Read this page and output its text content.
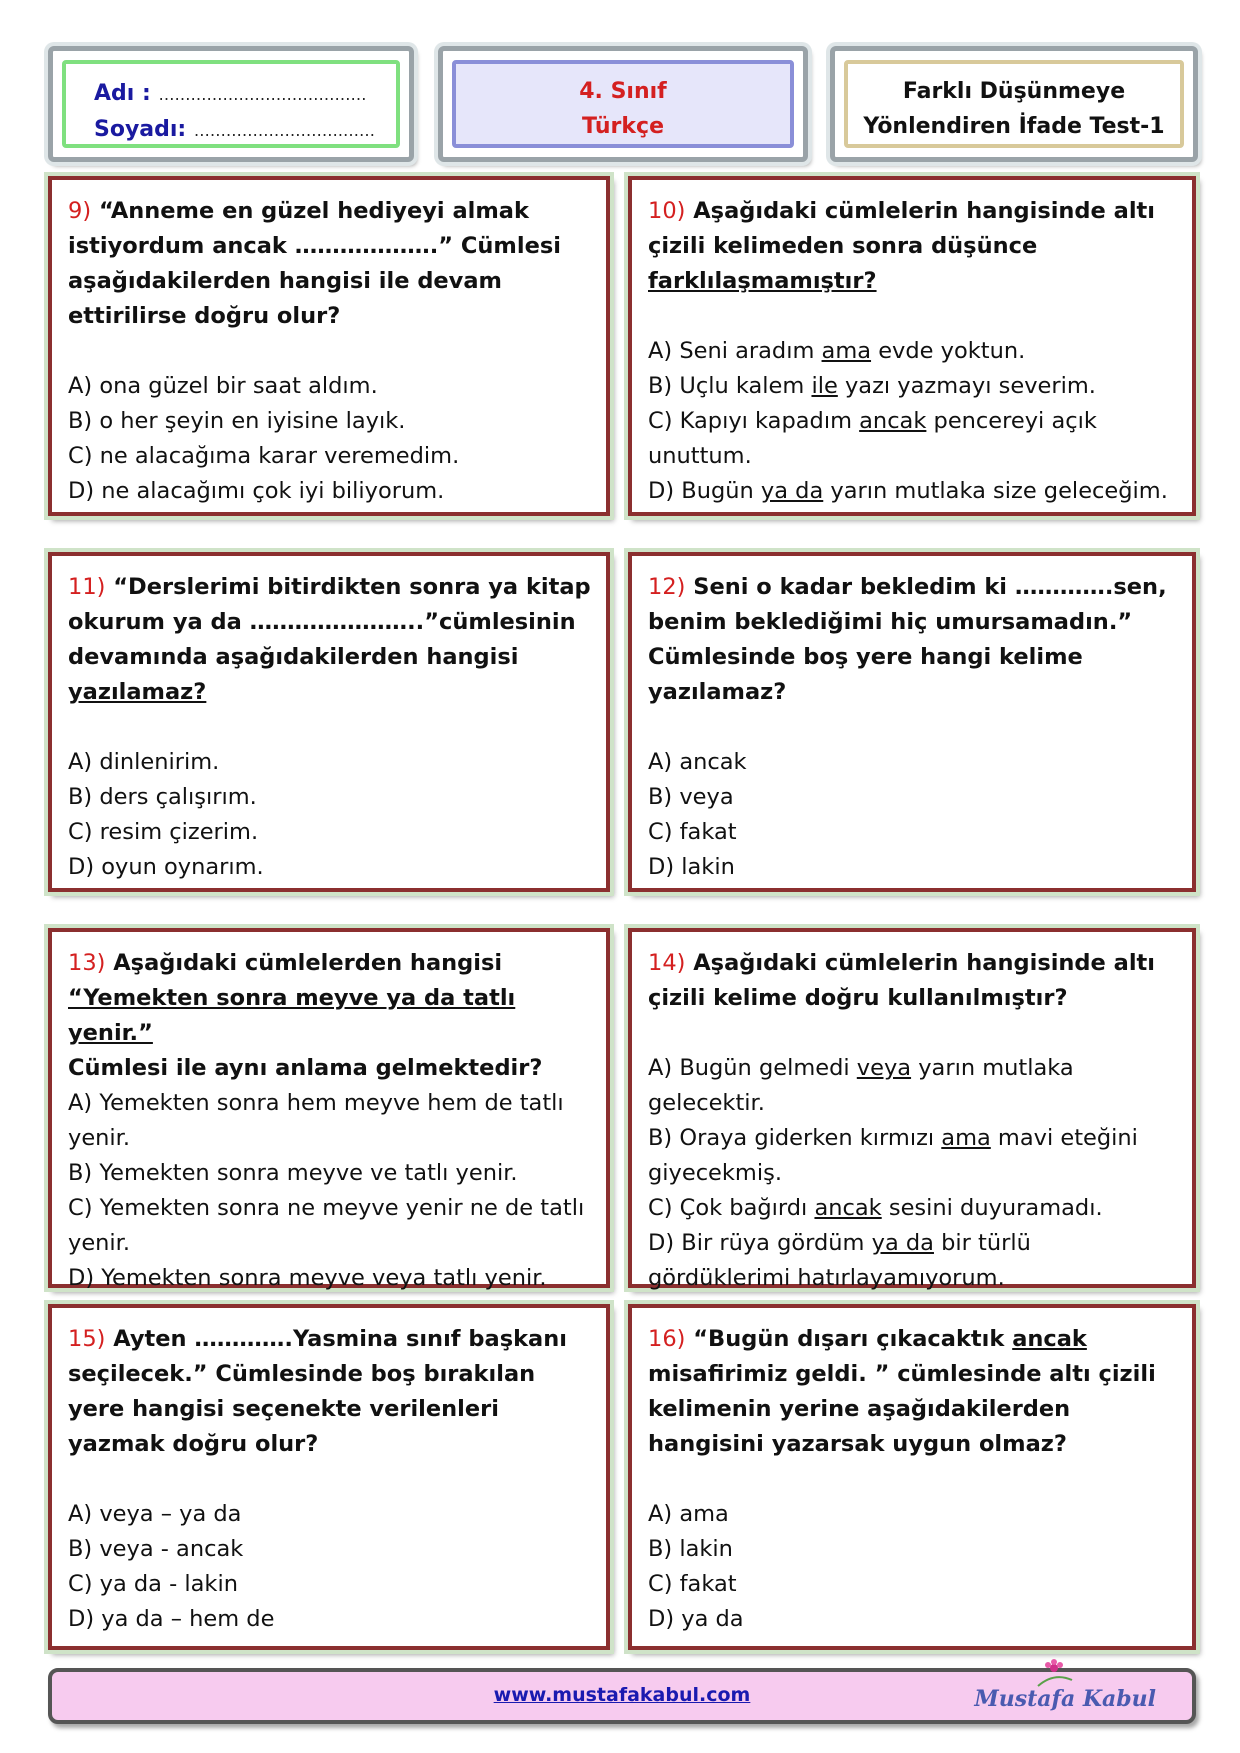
Adı : …………………………………
Soyadı: ……………………….……
4. Sınıf
Türkçe
Farklı Düşünmeye
Yönlendiren İfade Test-1
9) “Anneme en güzel hediyeyi almak istiyordum ancak ……………….” Cümlesi aşağıdakilerden hangisi ile devam ettirilirse doğru olur?
A) ona güzel bir saat aldım.
B) o her şeyin en iyisine layık.
C) ne alacağıma karar veremedim.
D) ne alacağımı çok iyi biliyorum.
10) Aşağıdaki cümlelerin hangisinde altı çizili kelimeden sonra düşünce farklılaşmamıştır?
A) Seni aradım ama evde yoktun.
B) Uçlu kalem ile yazı yazmayı severim.
C) Kapıyı kapadım ancak pencereyi açık unuttum.
D) Bugün ya da yarın mutlaka size geleceğim.
11) “Derslerimi bitirdikten sonra ya kitap okurum ya da …………………..”cümlesinin devamında aşağıdakilerden hangisi yazılamaz?
A) dinlenirim.
B) ders çalışırım.
C) resim çizerim.
D) oyun oynarım.
12) Seni o kadar bekledim ki ………….sen, benim beklediğimi hiç umursamadın.” Cümlesinde boş yere hangi kelime yazılamaz?
A) ancak
B) veya
C) fakat
D) lakin
13) Aşağıdaki cümlelerden hangisi
“Yemekten sonra meyve ya da tatlı yenir.”
Cümlesi ile aynı anlama gelmektedir?
A) Yemekten sonra hem meyve hem de tatlı yenir.
B) Yemekten sonra meyve ve tatlı yenir.
C) Yemekten sonra ne meyve yenir ne de tatlı yenir.
D) Yemekten sonra meyve veya tatlı yenir.
14) Aşağıdaki cümlelerin hangisinde altı çizili kelime doğru kullanılmıştır?
A) Bugün gelmedi veya yarın mutlaka gelecektir.
B) Oraya giderken kırmızı ama mavi eteğini giyecekmiş.
C) Çok bağırdı ancak sesini duyuramadı.
D) Bir rüya gördüm ya da bir türlü gördüklerimi hatırlayamıyorum.
15) Ayten ………….Yasmina sınıf başkanı seçilecek.” Cümlesinde boş bırakılan yere hangisi seçenekte verilenleri yazmak doğru olur?
A) veya – ya da
B) veya - ancak
C) ya da - lakin
D) ya da – hem de
16) “Bugün dışarı çıkacaktık ancak misafirimiz geldi. ” cümlesinde altı çizili kelimenin yerine aşağıdakilerden hangisini yazarsak uygun olmaz?
A) ama
B) lakin
C) fakat
D) ya da
www.mustafakabul.com	Mustafa Kabul
